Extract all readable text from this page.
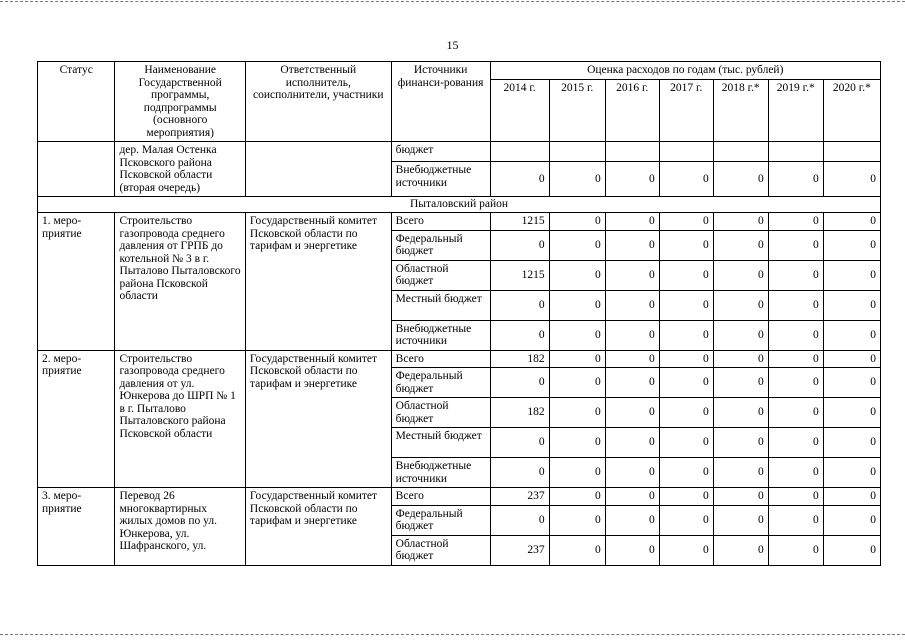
15
Статус	Наименование Государственной программы, подпрограммы (основного мероприятия)	Ответственный исполнитель, соисполнители, участники	Источники финанси-рования	Оценка расходов по годам (тыс. рублей)						
				2014 г.	2015 г.	2016 г.	2017 г.	2018 г.*	2019 г.*	2020 г.*
	дер. Малая Остенка Псковского района Псковской области (вторая очередь)		бюджет							
			Внебюджетные источники	0	0	0	0	0	0	0
Пыталовский район										
1. меро-приятие	Строительство газопровода среднего давления от ГРПБ до котельной № 3 в г. Пыталово Пыталовского района Псковской области	Государственный комитет Псковской области по тарифам и энергетике	Всего	1215	0	0	0	0	0	0
			Федеральный бюджет	0	0	0	0	0	0	0
			Областной бюджет	1215	0	0	0	0	0	0
			Местный бюджет	0	0	0	0	0	0	0
			Внебюджетные источники	0	0	0	0	0	0	0
2. меро-приятие	Строительство газопровода среднего давления от ул. Юнкерова до ШРП № 1 в г. Пыталово Пыталовского района Псковской области	Государственный комитет Псковской области по тарифам и энергетике	Всего	182	0	0	0	0	0	0
			Федеральный бюджет	0	0	0	0	0	0	0
			Областной бюджет	182	0	0	0	0	0	0
			Местный бюджет	0	0	0	0	0	0	0
			Внебюджетные источники	0	0	0	0	0	0	0
3. меро-приятие	Перевод 26 многоквартирных жилых домов по ул. Юнкерова, ул. Шафранского, ул.	Государственный комитет Псковской области по тарифам и энергетике	Всего	237	0	0	0	0	0	0
			Федеральный бюджет	0	0	0	0	0	0	0
			Областной бюджет	237	0	0	0	0	0	0
